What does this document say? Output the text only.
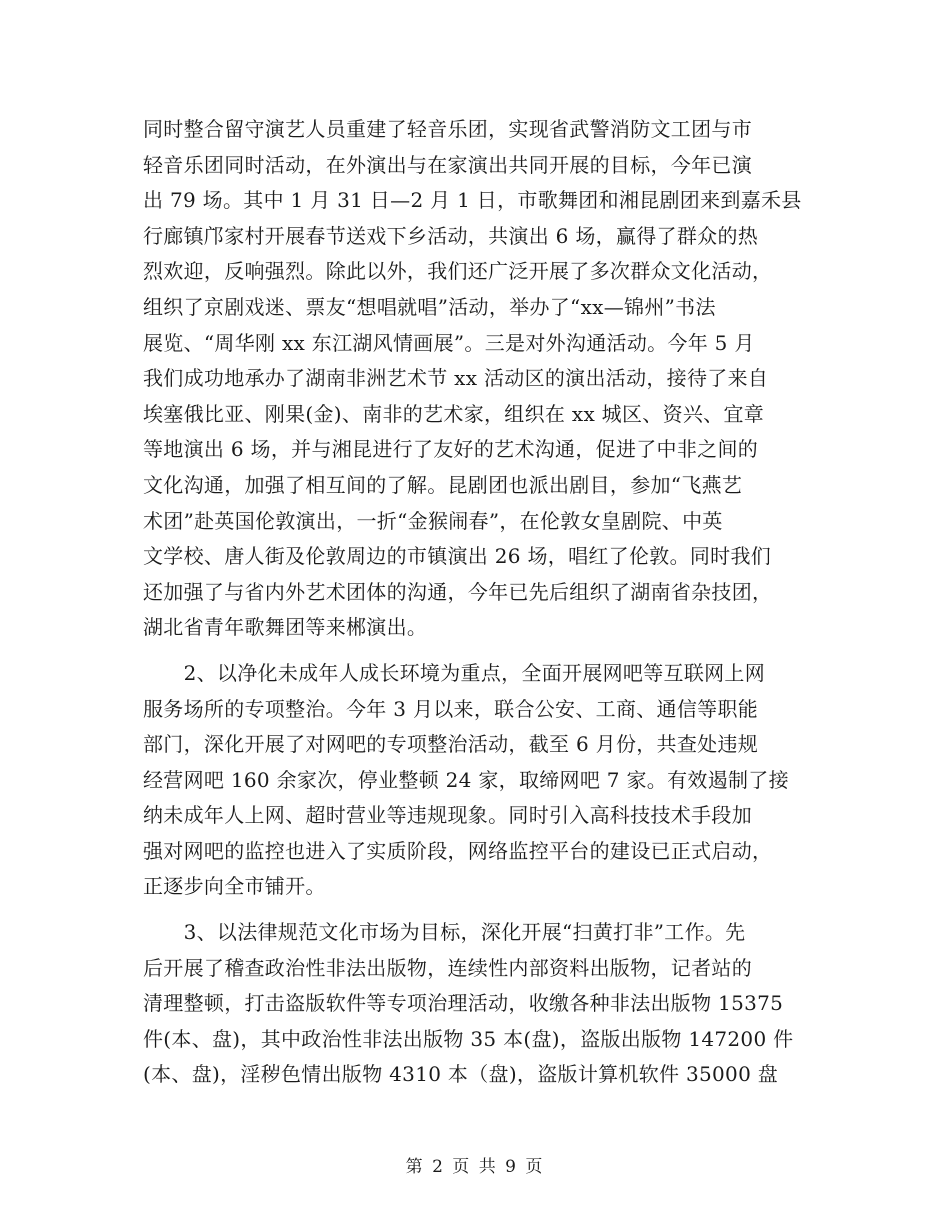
同时整合留守演艺人员重建了轻音乐团，实现省武警消防文工团与市
轻音乐团同时活动，在外演出与在家演出共同开展的目标，今年已演
出 79 场。其中 1 月 31 日—2 月 1 日，市歌舞团和湘昆剧团来到嘉禾县
行廊镇邝家村开展春节送戏下乡活动，共演出 6 场，赢得了群众的热
烈欢迎，反响强烈。除此以外，我们还广泛开展了多次群众文化活动，
组织了京剧戏迷、票友“想唱就唱”活动，举办了“xx—锦州”书法
展览、“周华刚 xx 东江湖风情画展”。三是对外沟通活动。今年 5 月
我们成功地承办了湖南非洲艺术节 xx 活动区的演出活动，接待了来自
埃塞俄比亚、刚果(金)、南非的艺术家，组织在 xx 城区、资兴、宜章
等地演出 6 场，并与湘昆进行了友好的艺术沟通，促进了中非之间的
文化沟通，加强了相互间的了解。昆剧团也派出剧目，参加“飞燕艺
术团”赴英国伦敦演出，一折“金猴闹春”，在伦敦女皇剧院、中英
文学校、唐人街及伦敦周边的市镇演出 26 场，唱红了伦敦。同时我们
还加强了与省内外艺术团体的沟通，今年已先后组织了湖南省杂技团，
湖北省青年歌舞团等来郴演出。
　　2、以净化未成年人成长环境为重点，全面开展网吧等互联网上网
服务场所的专项整治。今年 3 月以来，联合公安、工商、通信等职能
部门，深化开展了对网吧的专项整治活动，截至 6 月份，共查处违规
经营网吧 160 余家次，停业整顿 24 家，取缔网吧 7 家。有效遏制了接
纳未成年人上网、超时营业等违规现象。同时引入高科技技术手段加
强对网吧的监控也进入了实质阶段，网络监控平台的建设已正式启动，
正逐步向全市铺开。
　　3、以法律规范文化市场为目标，深化开展“扫黄打非”工作。先
后开展了稽查政治性非法出版物，连续性内部资料出版物，记者站的
清理整顿，打击盗版软件等专项治理活动，收缴各种非法出版物 15375
件(本、盘)，其中政治性非法出版物 35 本(盘)，盗版出版物 147200 件
(本、盘)，淫秽色情出版物 4310 本（盘)，盗版计算机软件 35000 盘
第 2 页 共 9 页
